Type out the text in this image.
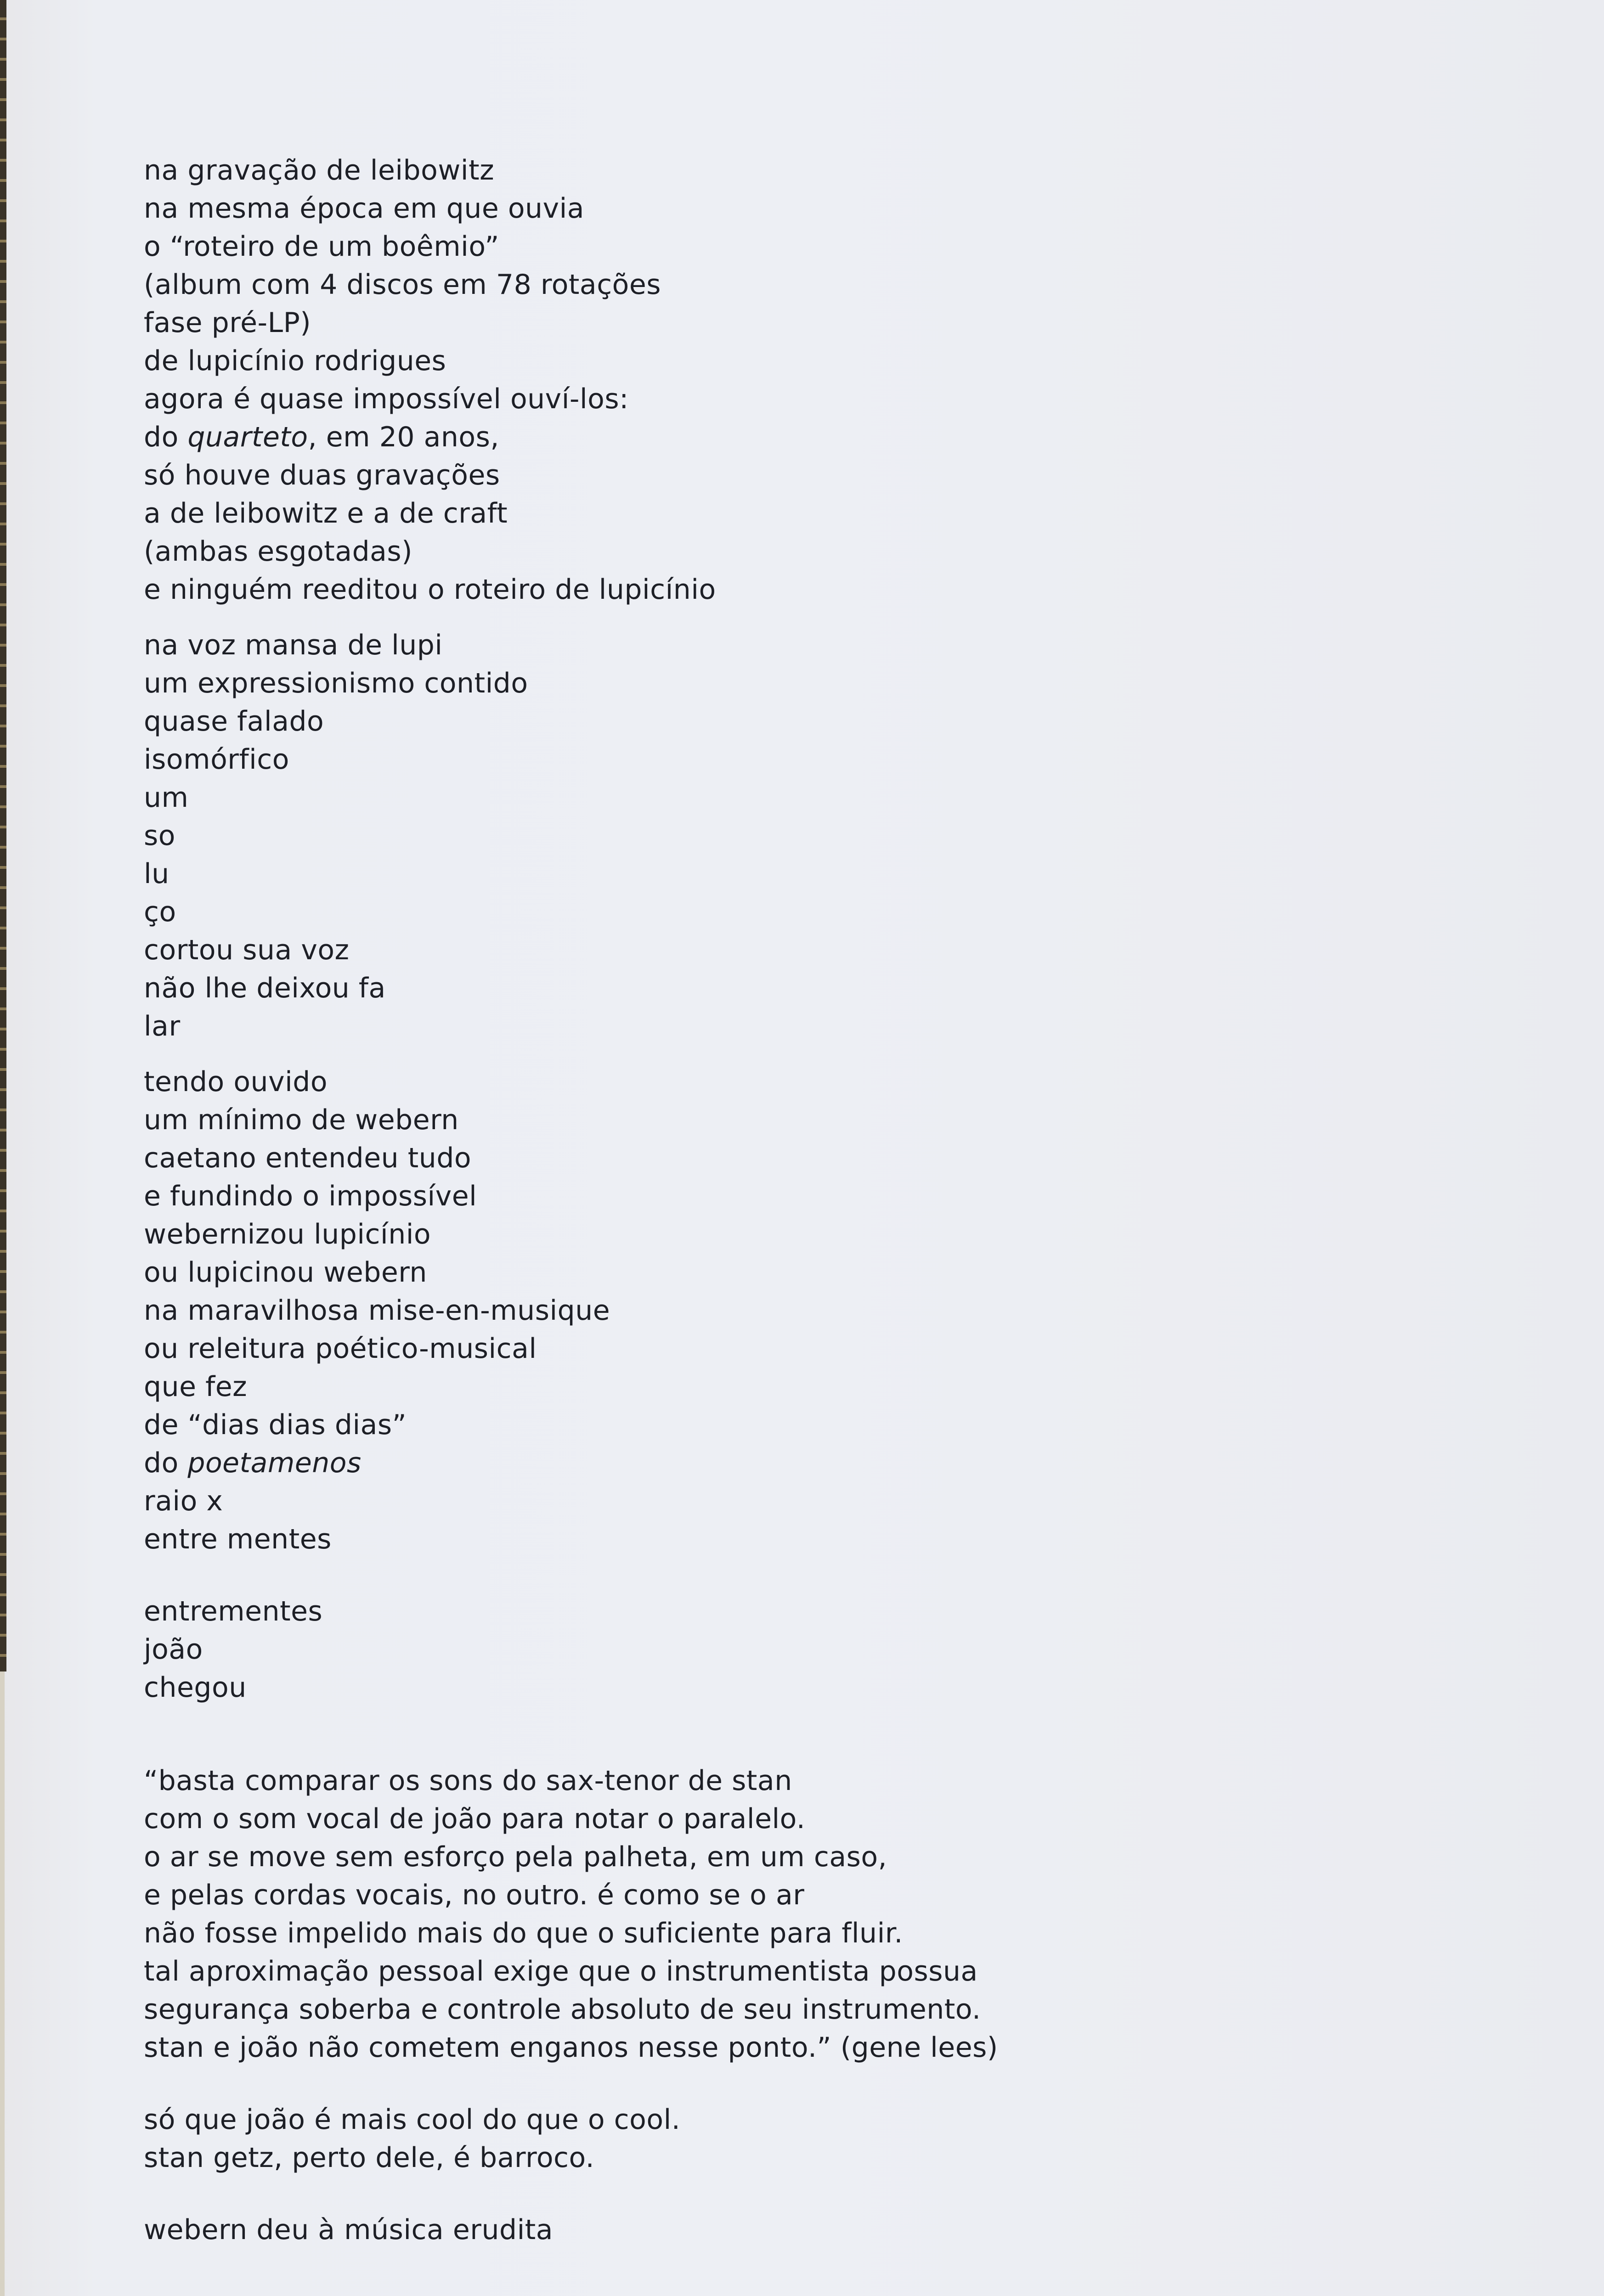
na gravação de leibowitz
na mesma época em que ouvia
o “roteiro de um boêmio”
(album com 4 discos em 78 rotações
fase pré-LP)
de lupicínio rodrigues
agora é quase impossível ouví-los:
do quarteto, em 20 anos,
só houve duas gravações
a de leibowitz e a de craft
(ambas esgotadas)
e ninguém reeditou o roteiro de lupicínio
na voz mansa de lupi
um expressionismo contido
quase falado
isomórfico
um
so
lu
ço
cortou sua voz
não lhe deixou fa
lar
tendo ouvido
um mínimo de webern
caetano entendeu tudo
e fundindo o impossível
webernizou lupicínio
ou lupicinou webern
na maravilhosa mise-en-musique
ou releitura poético-musical
que fez
de “dias dias dias”
do poetamenos
raio x
entre mentes
entrementes
joão
chegou
“basta comparar os sons do sax-tenor de stan
com o som vocal de joão para notar o paralelo.
o ar se move sem esforço pela palheta, em um caso,
e pelas cordas vocais, no outro. é como se o ar
não fosse impelido mais do que o suficiente para fluir.
tal aproximação pessoal exige que o instrumentista possua
segurança soberba e controle absoluto de seu instrumento.
stan e joão não cometem enganos nesse ponto.” (gene lees)
só que joão é mais cool do que o cool.
stan getz, perto dele, é barroco.
webern deu à música erudita
